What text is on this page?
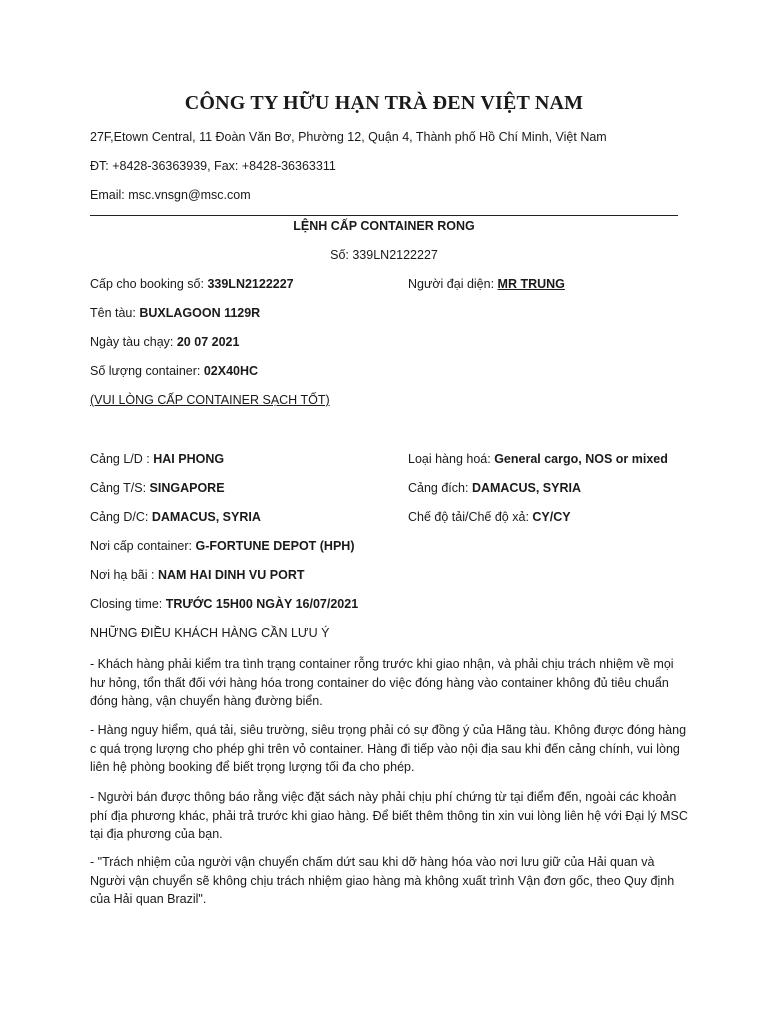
CÔNG TY HỮU HẠN TRÀ ĐEN VIỆT NAM
27F,Etown Central, 11 Đoàn Văn Bơ, Phường 12, Quận 4, Thành phố Hồ Chí Minh, Việt Nam
ĐT: +8428-36363939, Fax: +8428-36363311
Email: msc.vnsgn@msc.com
LỆNH CẤP CONTAINER RONG
Số: 339LN2122227
Cấp cho booking số: 339LN2122227	Người đại diện: MR TRUNG
Tên tàu: BUXLAGOON 1129R
Ngày tàu chạy: 20 07 2021
Số lượng container: 02X40HC
(VUI LÒNG CẤP CONTAINER SẠCH TỐT)
Cảng L/D : HAI PHONG	Loại hàng hoá: General cargo, NOS or mixed
Cảng T/S: SINGAPORE	Cảng đích: DAMACUS, SYRIA
Cảng D/C: DAMACUS, SYRIA	Chế độ tải/Chế độ xả: CY/CY
Nơi cấp container: G-FORTUNE DEPOT (HPH)
Nơi hạ bãi : NAM HAI DINH VU PORT
Closing time: TRƯỚC 15H00 NGÀY 16/07/2021
NHỮNG ĐIỀU KHÁCH HÀNG CẦN LƯU Ý
- Khách hàng phải kiểm tra tình trạng container rỗng trước khi giao nhận, và phải chịu trách nhiệm về mọi hư hỏng, tổn thất đối với hàng hóa trong container do việc đóng hàng vào container không đủ tiêu chuẩn đóng hàng, vận chuyển hàng đường biển.
- Hàng nguy hiểm, quá tải, siêu trường, siêu trọng phải có sự đồng ý của Hãng tàu. Không được đóng hàng c quá trọng lượng cho phép ghi trên vỏ container. Hàng đi tiếp vào nội địa sau khi đến cảng chính, vui lòng liên hệ phòng booking để biết trọng lượng tối đa cho phép.
- Người bán được thông báo rằng việc đặt sách này phải chịu phí chứng từ tại điểm đến, ngoài các khoản phí địa phương khác, phải trả trước khi giao hàng. Để biết thêm thông tin xin vui lòng liên hệ với Đại lý MSC tại địa phương của bạn.
- "Trách nhiệm của người vận chuyển chấm dứt sau khi dỡ hàng hóa vào nơi lưu giữ của Hải quan và Người vận chuyển sẽ không chịu trách nhiệm giao hàng mà không xuất trình Vận đơn gốc, theo Quy định của Hải quan Brazil".
